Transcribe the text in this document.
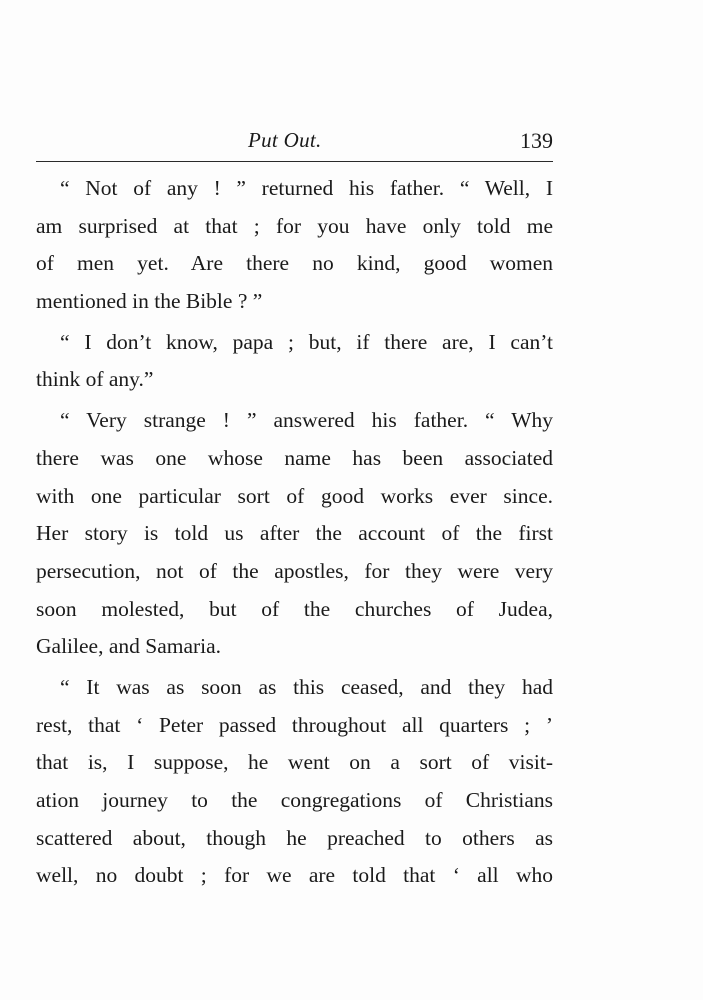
Put Out.	139
“ Not of any ! ” returned his father. “ Well, I
am surprised at that ; for you have only told me
of men yet. Are there no kind, good women
mentioned in the Bible ? ”
“ I don’t know, papa ; but, if there are, I can’t
think of any.”
“ Very strange ! ” answered his father. “ Why
there was one whose name has been associated
with one particular sort of good works ever since.
Her story is told us after the account of the first
persecution, not of the apostles, for they were very
soon molested, but of the churches of Judea,
Galilee, and Samaria.
“ It was as soon as this ceased, and they had
rest, that ‘ Peter passed throughout all quarters ; ’
that is, I suppose, he went on a sort of visit-
ation journey to the congregations of Christians
scattered about, though he preached to others as
well, no doubt ; for we are told that ‘ all who
